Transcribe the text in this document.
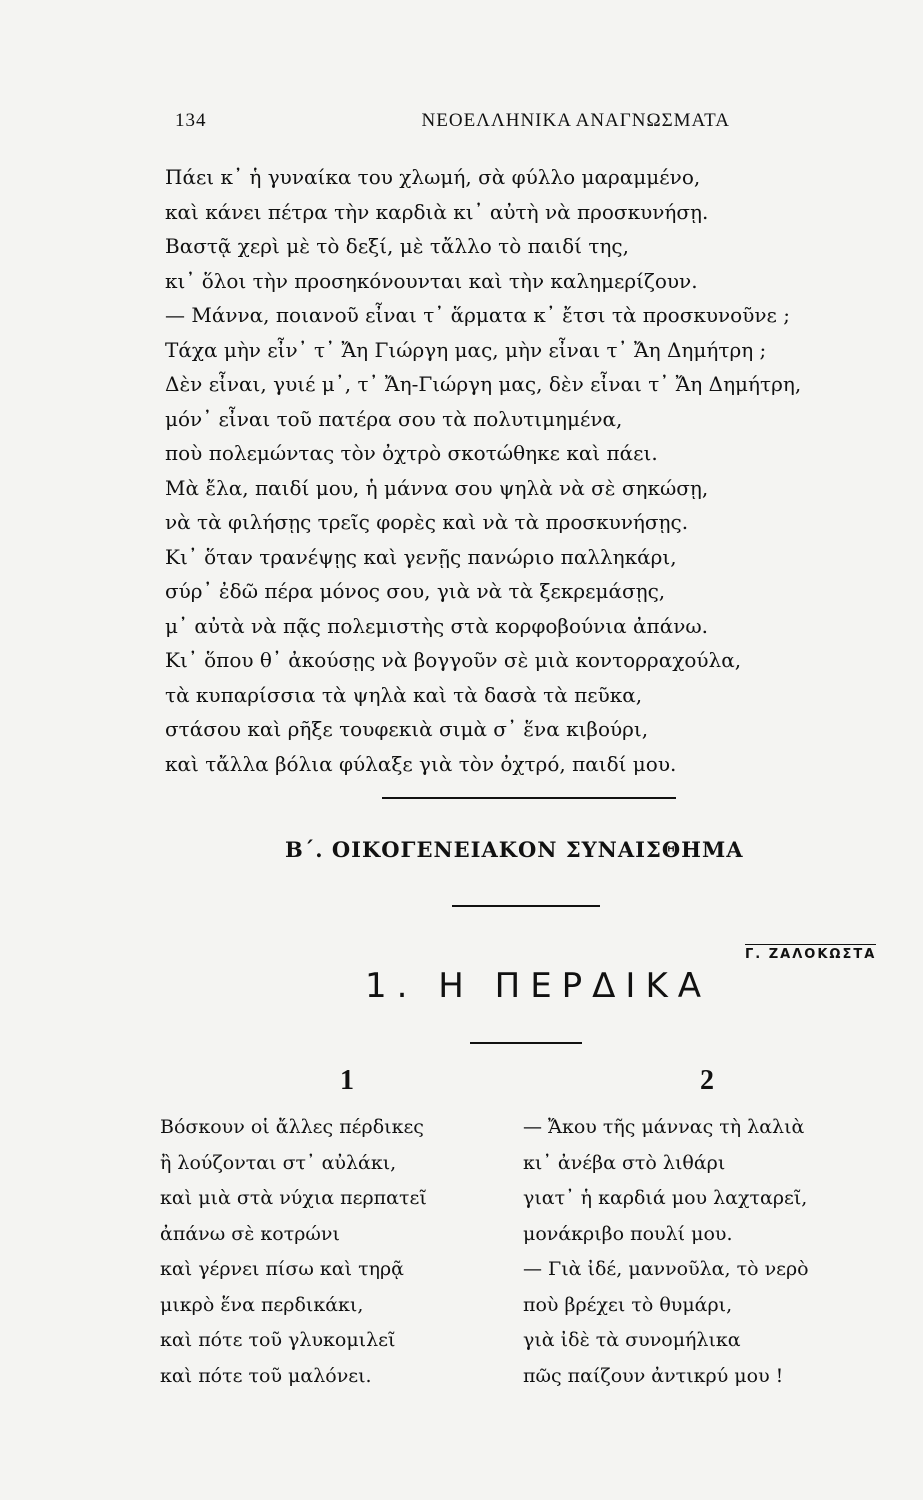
134	ΝΕΟΕΛΛΗΝΙΚΑ ΑΝΑΓΝΩΣΜΑΤΑ
Πάει κ᾽ ἡ γυναίκα του χλωμή, σὰ φύλλο μαραμμένο,
καὶ κάνει πέτρα τὴν καρδιὰ κι᾽ αὐτὴ νὰ προσκυνήσῃ.
Βαστᾷ χερὶ μὲ τὸ δεξί, μὲ τἄλλο τὸ παιδί της,
κι᾽ ὅλοι τὴν προσηκόνουνται καὶ τὴν καλημερίζουν.
— Μάννα, ποιανοῦ εἶναι τ᾽ ἅρματα κ᾽ ἔτσι τὰ προσκυνοῦνε ;
Τάχα μὴν εἶν᾽ τ᾽ Ἄη Γιώργη μας, μὴν εἶναι τ᾽ Ἄη Δημήτρη ;
Δὲν εἶναι, γυιέ μ᾽, τ᾽ Ἄη-Γιώργη μας, δὲν εἶναι τ᾽ Ἄη Δημήτρη,
μόν᾽ εἶναι τοῦ πατέρα σου τὰ πολυτιμημένα,
ποὺ πολεμώντας τὸν ὀχτρὸ σκοτώθηκε καὶ πάει.
Μὰ ἔλα, παιδί μου, ἡ μάννα σου ψηλὰ νὰ σὲ σηκώσῃ,
νὰ τὰ φιλήσῃς τρεῖς φορὲς καὶ νὰ τὰ προσκυνήσῃς.
Κι᾽ ὅταν τρανέψῃς καὶ γενῇς πανώριο παλληκάρι,
σύρ᾽ ἐδῶ πέρα μόνος σου, γιὰ νὰ τὰ ξεκρεμάσῃς,
μ᾽ αὐτὰ νὰ πᾷς πολεμιστὴς στὰ κορφοβούνια ἀπάνω.
Κι᾽ ὅπου θ᾽ ἀκούσῃς νὰ βογγοῦν σὲ μιὰ κοντορραχούλα,
τὰ κυπαρίσσια τὰ ψηλὰ καὶ τὰ δασὰ τὰ πεῦκα,
στάσου καὶ ρῆξε τουφεκιὰ σιμὰ σ᾽ ἕνα κιβούρι,
καὶ τἄλλα βόλια φύλαξε γιὰ τὸν ὀχτρό, παιδί μου.
Β΄. ΟΙΚΟΓΕΝΕΙΑΚΟΝ ΣΥΝΑΙΣΘΗΜΑ
Γ. ΖΑΛΟΚΩΣΤΑ
1. Η ΠΕΡΔΙΚΑ
1	2
Βόσκουν οἱ ἄλλες πέρδικες
ἢ λούζονται στ᾽ αὐλάκι,
καὶ μιὰ στὰ νύχια περπατεῖ
ἀπάνω σὲ κοτρώνι
καὶ γέρνει πίσω καὶ τηρᾷ
μικρὸ ἕνα περδικάκι,
καὶ πότε τοῦ γλυκομιλεῖ
καὶ πότε τοῦ μαλόνει.
— Ἄκου τῆς μάννας τὴ λαλιὰ
κι᾽ ἀνέβα στὸ λιθάρι
γιατ᾽ ἡ καρδιά μου λαχταρεῖ,
μονάκριβο πουλί μου.
— Γιὰ ἰδέ, μαννοῦλα, τὸ νερὸ
ποὺ βρέχει τὸ θυμάρι,
γιὰ ἰδὲ τὰ συνομήλικα
πῶς παίζουν ἀντικρύ μου !
